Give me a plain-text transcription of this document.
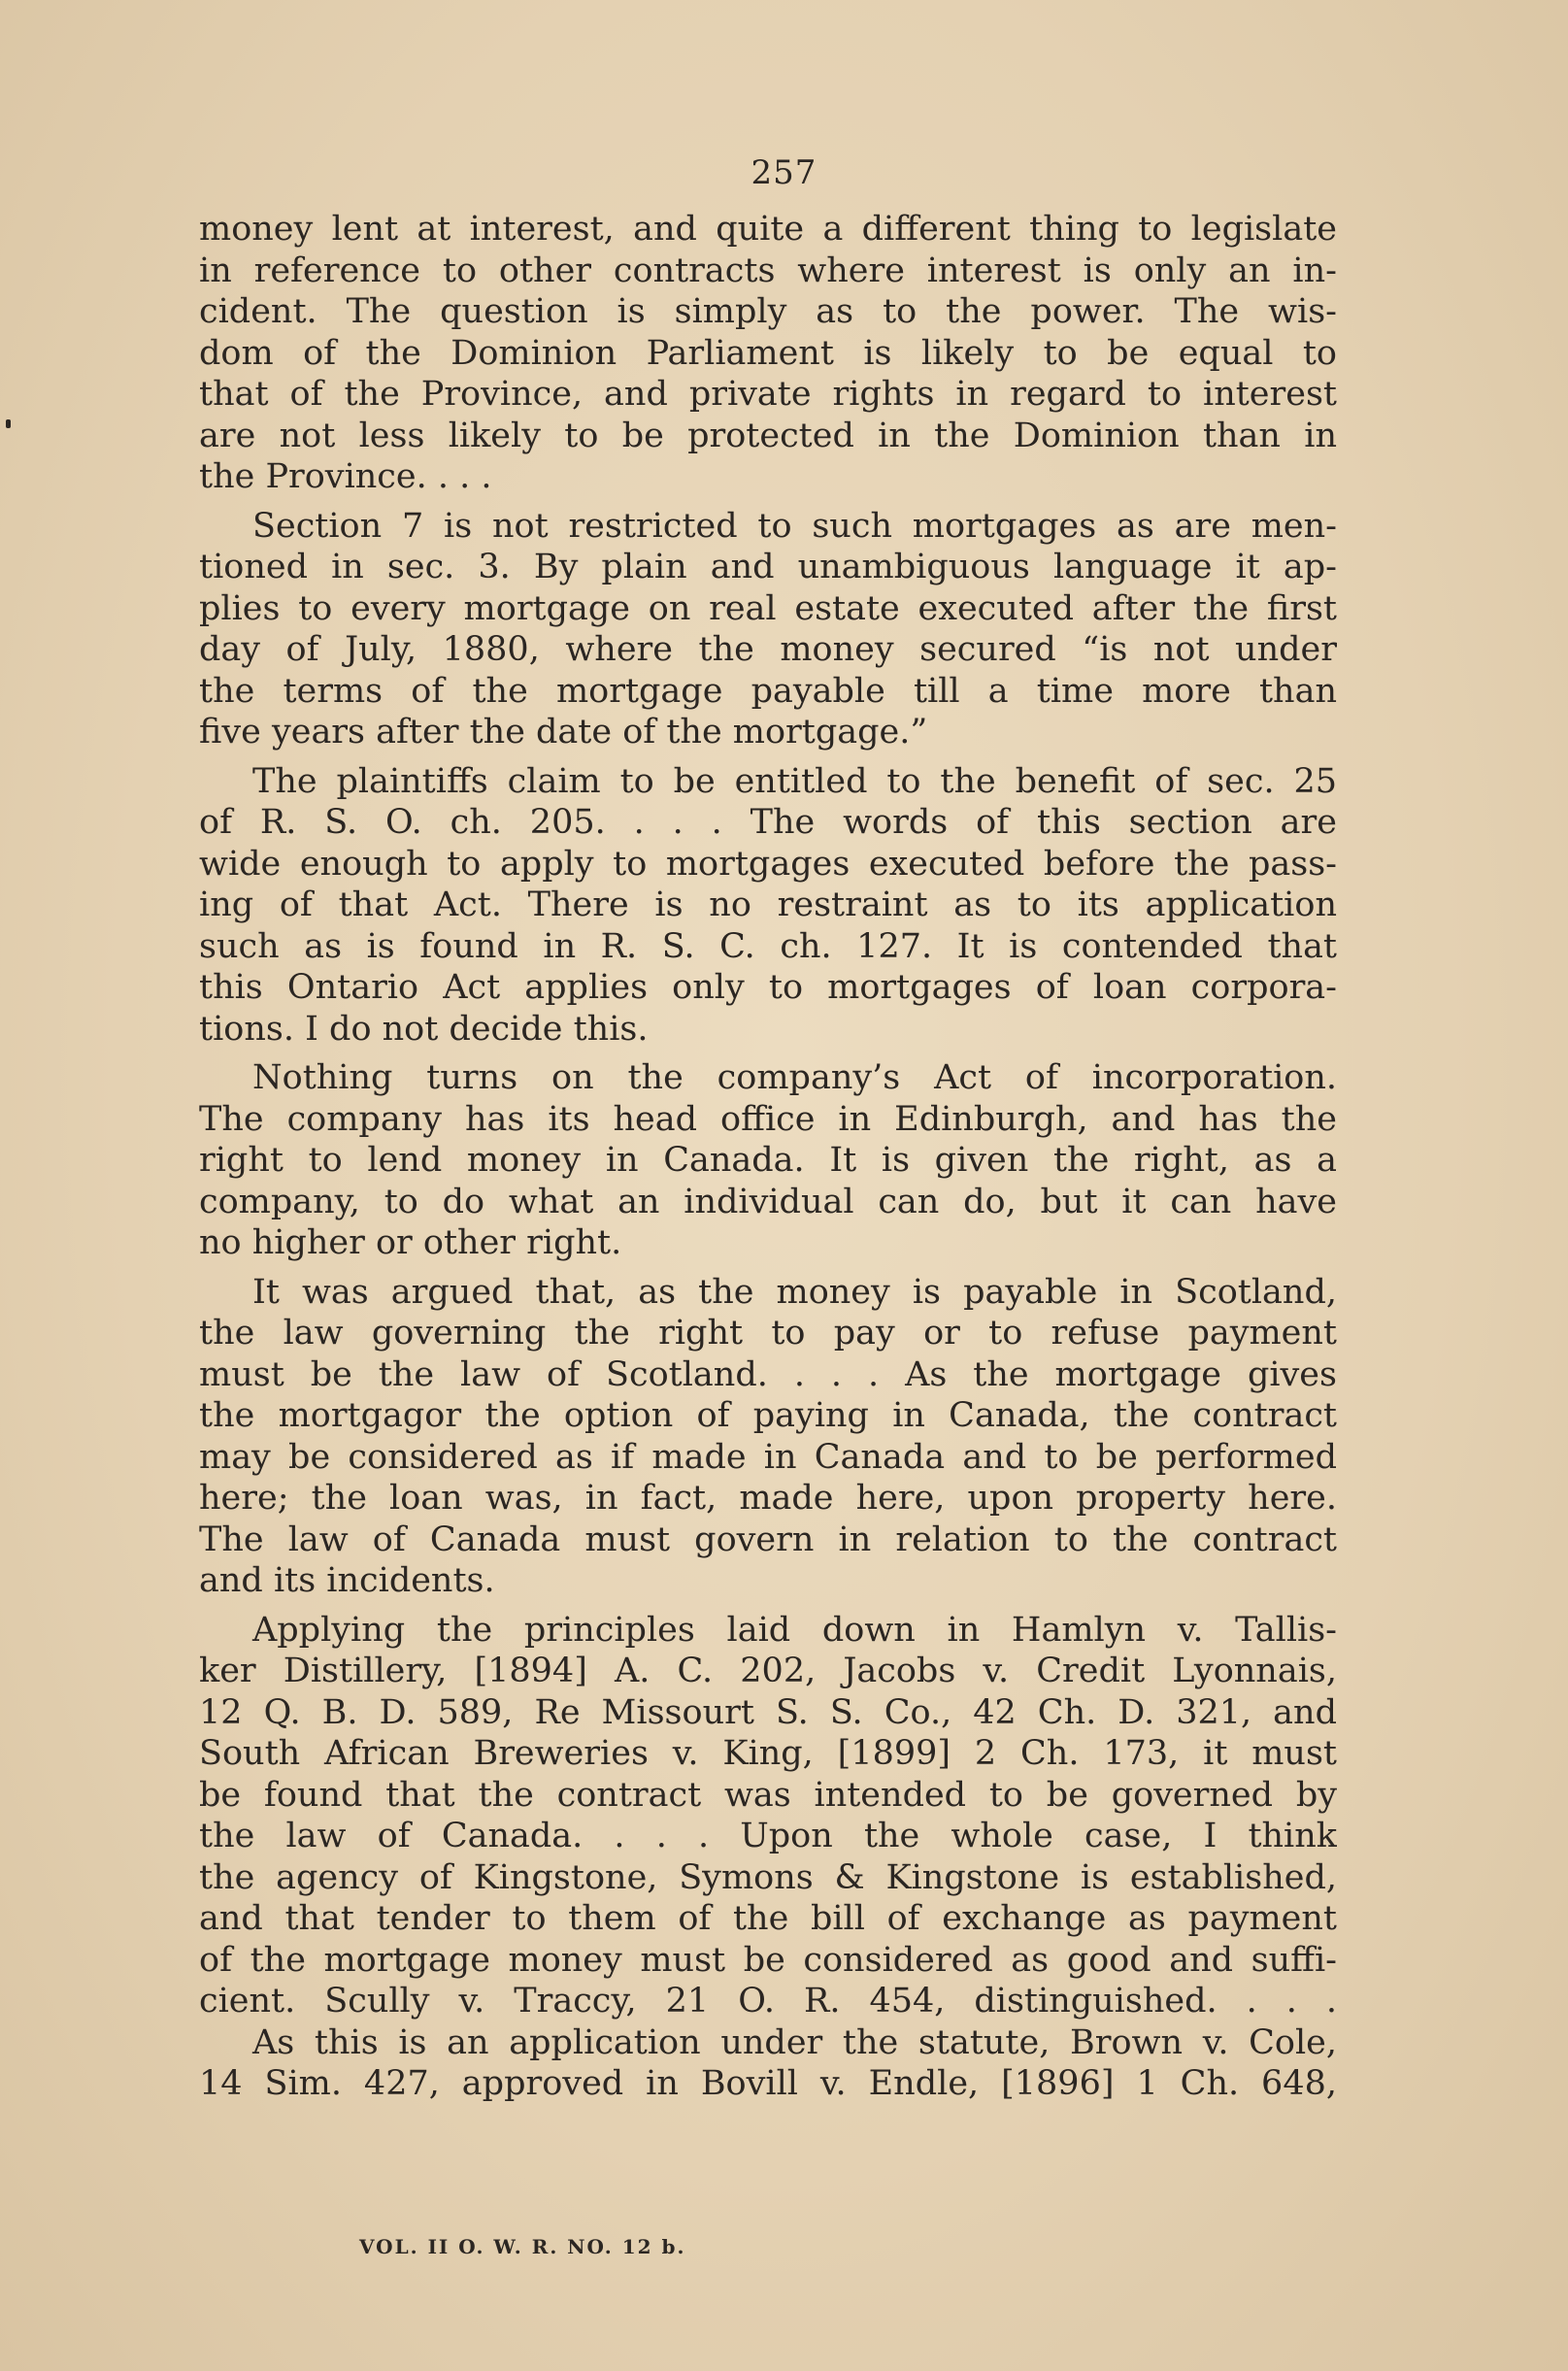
257
money lent at interest, and quite a different thing to legislate
in reference to other contracts where interest is only an in-
cident. The question is simply as to the power. The wis-
dom of the Dominion Parliament is likely to be equal to
that of the Province, and private rights in regard to interest
are not less likely to be protected in the Dominion than in
the Province. . . .
Section 7 is not restricted to such mortgages as are men-
tioned in sec. 3. By plain and unambiguous language it ap-
plies to every mortgage on real estate executed after the first
day of July, 1880, where the money secured “is not under
the terms of the mortgage payable till a time more than
five years after the date of the mortgage.”
The plaintiffs claim to be entitled to the benefit of sec. 25
of R. S. O. ch. 205. . . . The words of this section are
wide enough to apply to mortgages executed before the pass-
ing of that Act. There is no restraint as to its application
such as is found in R. S. C. ch. 127. It is contended that
this Ontario Act applies only to mortgages of loan corpora-
tions. I do not decide this.
Nothing turns on the company’s Act of incorporation.
The company has its head office in Edinburgh, and has the
right to lend money in Canada. It is given the right, as a
company, to do what an individual can do, but it can have
no higher or other right.
It was argued that, as the money is payable in Scotland,
the law governing the right to pay or to refuse payment
must be the law of Scotland. . . . As the mortgage gives
the mortgagor the option of paying in Canada, the contract
may be considered as if made in Canada and to be performed
here; the loan was, in fact, made here, upon property here.
The law of Canada must govern in relation to the contract
and its incidents.
Applying the principles laid down in Hamlyn v. Tallis-
ker Distillery, [1894] A. C. 202, Jacobs v. Credit Lyonnais,
12 Q. B. D. 589, Re Missourt S. S. Co., 42 Ch. D. 321, and
South African Breweries v. King, [1899] 2 Ch. 173, it must
be found that the contract was intended to be governed by
the law of Canada. . . . Upon the whole case, I think
the agency of Kingstone, Symons & Kingstone is established,
and that tender to them of the bill of exchange as payment
of the mortgage money must be considered as good and suffi-
cient. Scully v. Traccy, 21 O. R. 454, distinguished. . . .
As this is an application under the statute, Brown v. Cole,
14 Sim. 427, approved in Bovill v. Endle, [1896] 1 Ch. 648,
VOL. II O. W. R. NO. 12 b.
